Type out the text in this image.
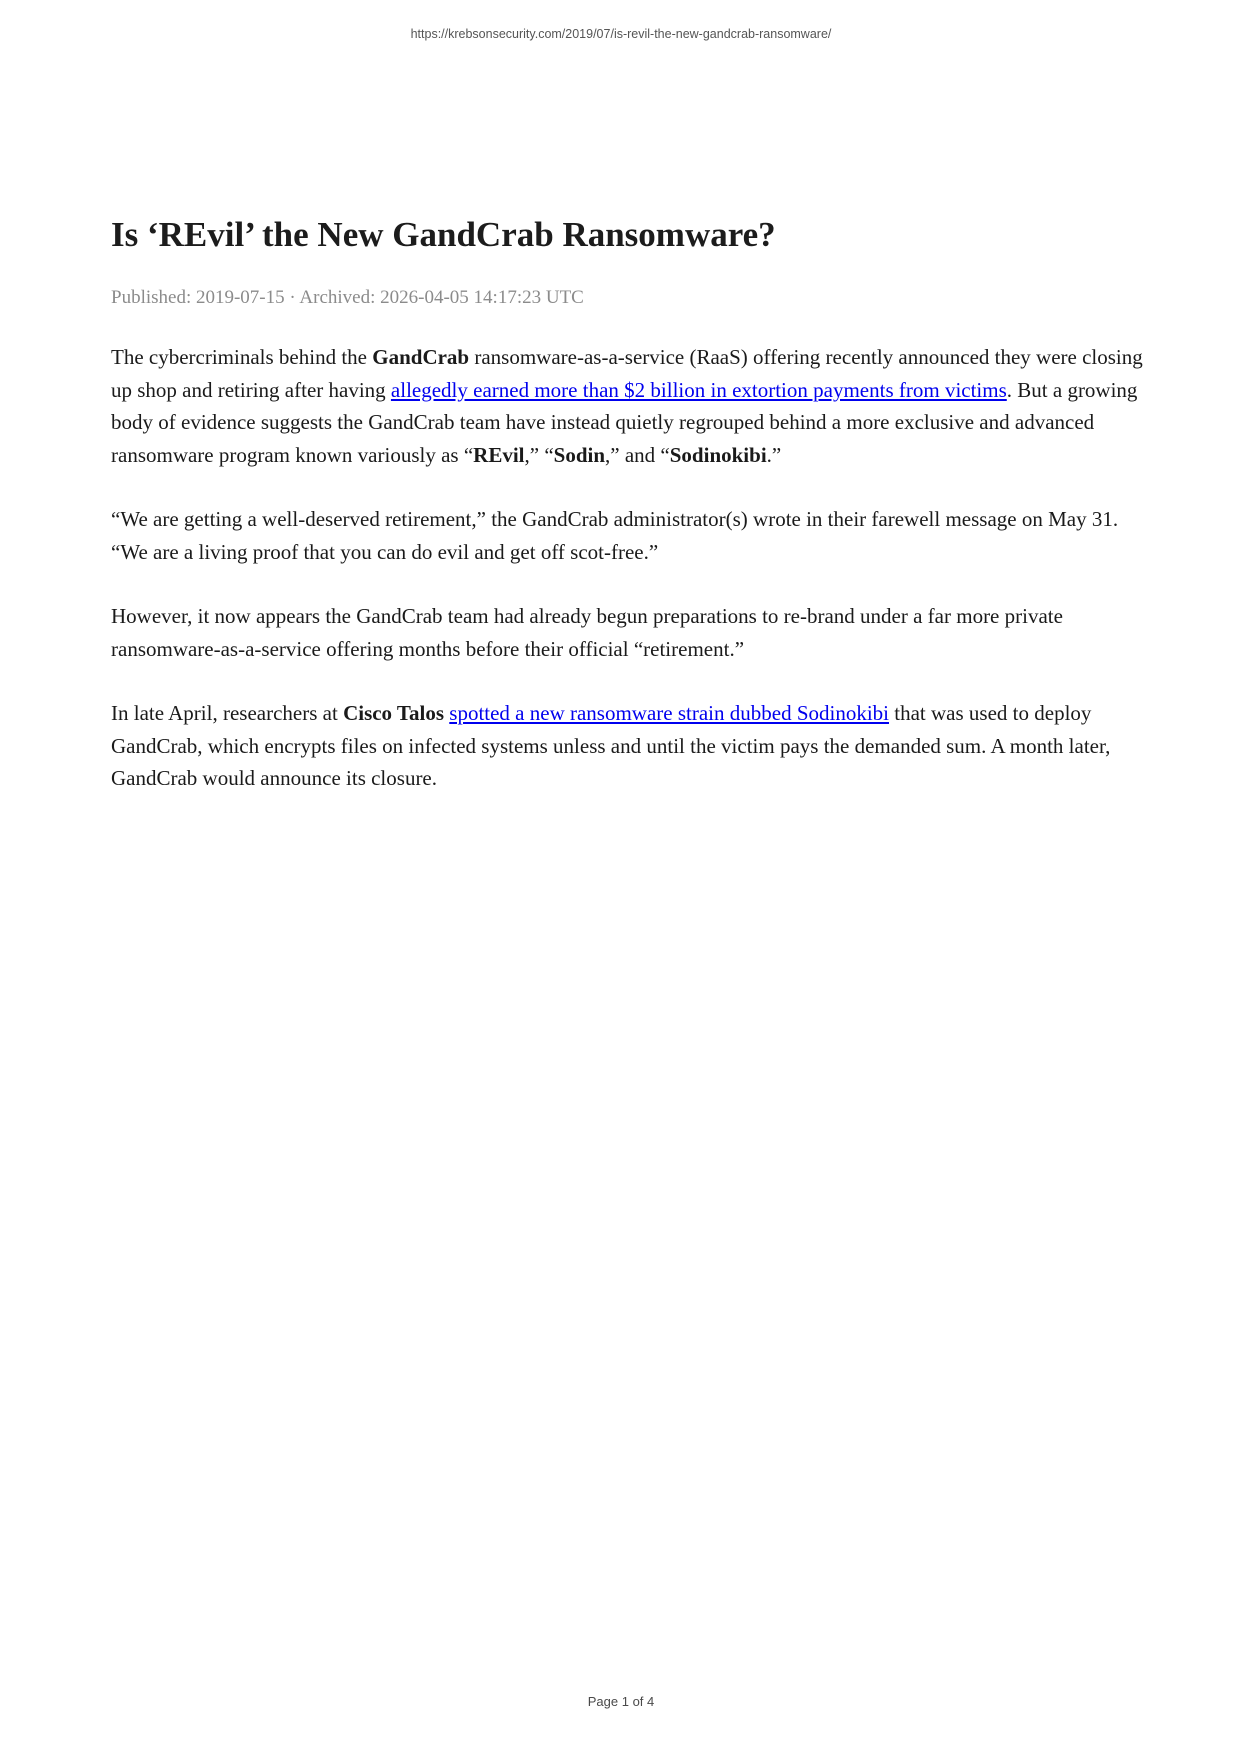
https://krebsonsecurity.com/2019/07/is-revil-the-new-gandcrab-ransomware/
Is ‘REvil’ the New GandCrab Ransomware?
Published: 2019-07-15 · Archived: 2026-04-05 14:17:23 UTC

The cybercriminals behind the GandCrab ransomware-as-a-service (RaaS) offering recently announced they were closing up shop and retiring after having allegedly earned more than $2 billion in extortion payments from victims. But a growing body of evidence suggests the GandCrab team have instead quietly regrouped behind a more exclusive and advanced ransomware program known variously as “REvil,” “Sodin,” and “Sodinokibi.”

“We are getting a well-deserved retirement,” the GandCrab administrator(s) wrote in their farewell message on May 31. “We are a living proof that you can do evil and get off scot-free.”

However, it now appears the GandCrab team had already begun preparations to re-brand under a far more private ransomware-as-a-service offering months before their official “retirement.”

In late April, researchers at Cisco Talos spotted a new ransomware strain dubbed Sodinokibi that was used to deploy GandCrab, which encrypts files on infected systems unless and until the victim pays the demanded sum. A month later, GandCrab would announce its closure.

Page 1 of 4
